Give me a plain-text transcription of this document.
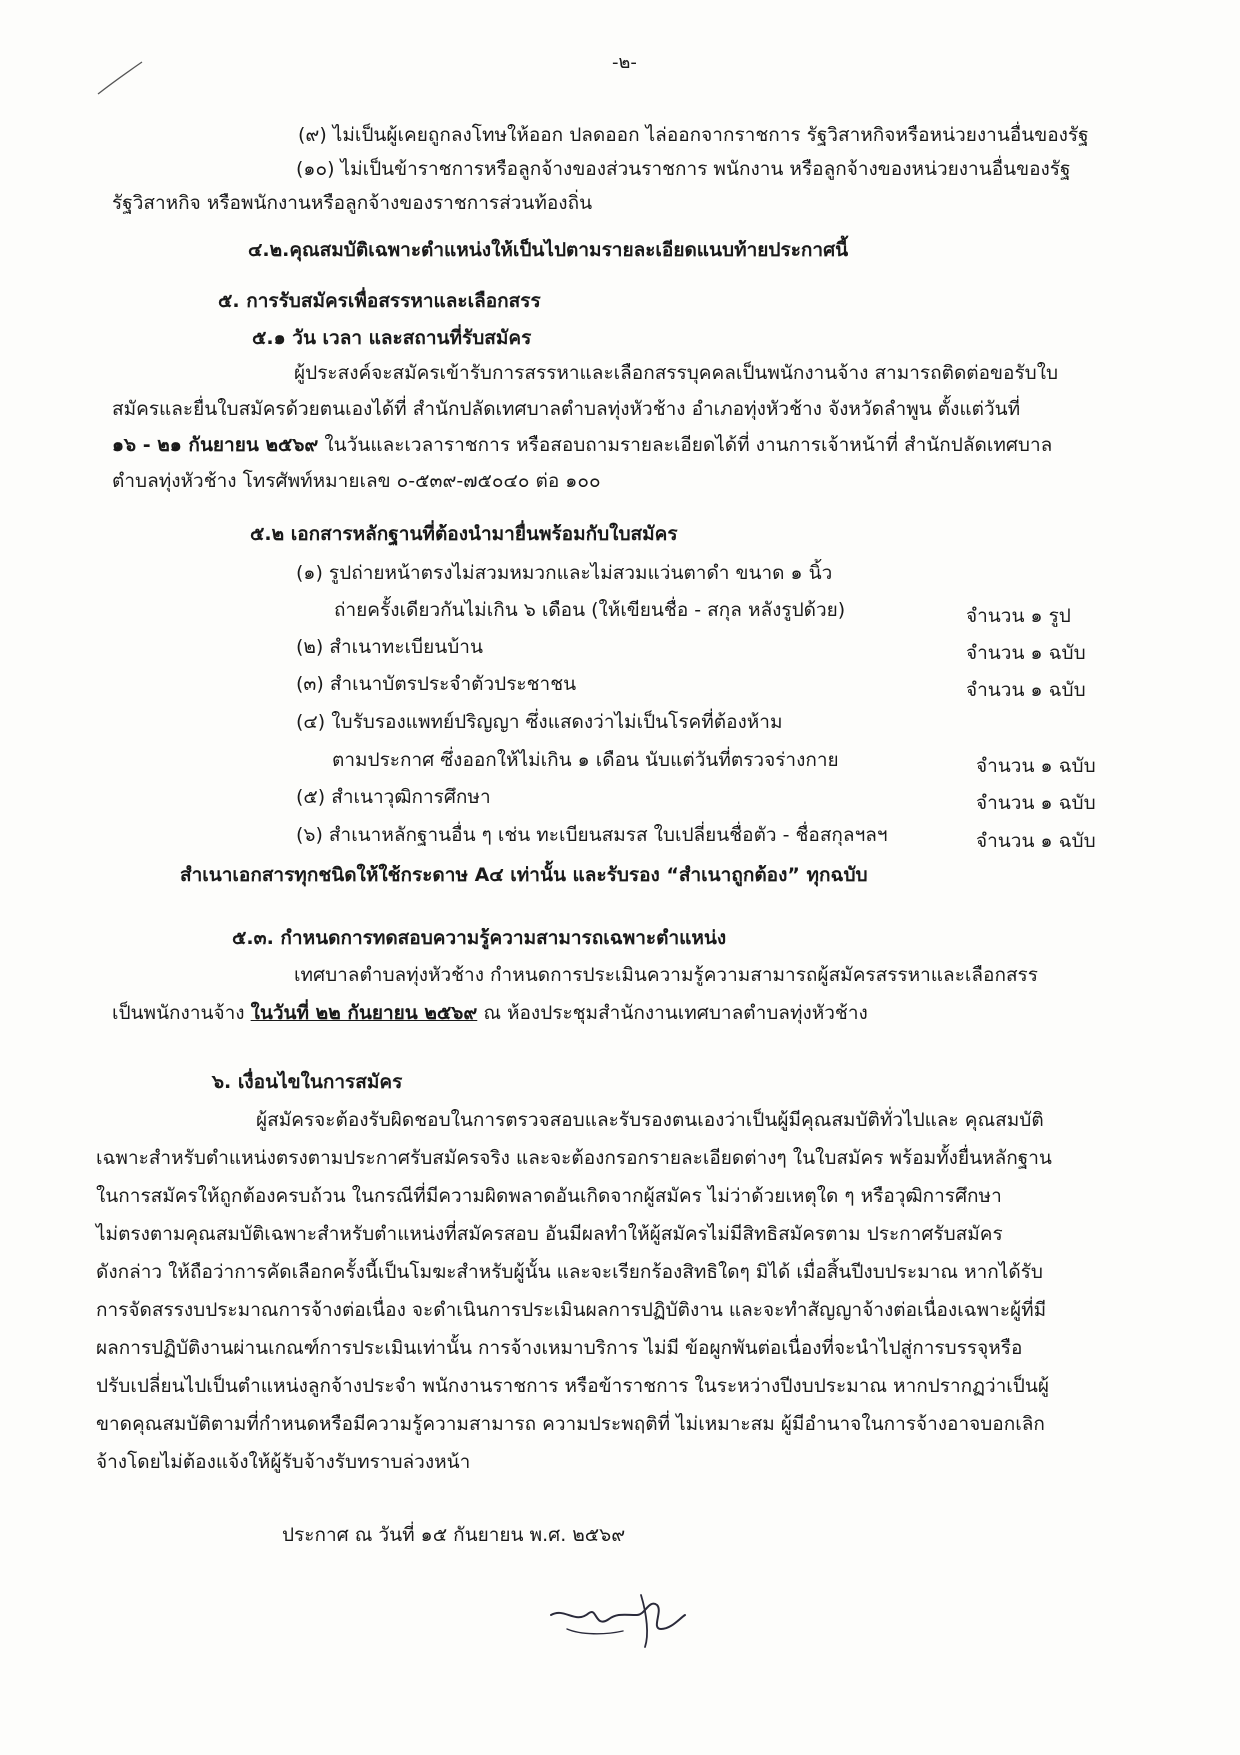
-๒-
(๙) ไม่เป็นผู้เคยถูกลงโทษให้ออก ปลดออก ไล่ออกจากราชการ รัฐวิสาหกิจหรือหน่วยงานอื่นของรัฐ
(๑๐) ไม่เป็นข้าราชการหรือลูกจ้างของส่วนราชการ พนักงาน หรือลูกจ้างของหน่วยงานอื่นของรัฐ
รัฐวิสาหกิจ หรือพนักงานหรือลูกจ้างของราชการส่วนท้องถิ่น
๔.๒.คุณสมบัติเฉพาะตำแหน่งให้เป็นไปตามรายละเอียดแนบท้ายประกาศนี้
๕. การรับสมัครเพื่อสรรหาและเลือกสรร
๕.๑ วัน เวลา และสถานที่รับสมัคร
ผู้ประสงค์จะสมัครเข้ารับการสรรหาและเลือกสรรบุคคลเป็นพนักงานจ้าง สามารถติดต่อขอรับใบ
สมัครและยื่นใบสมัครด้วยตนเองได้ที่ สำนักปลัดเทศบาลตำบลทุ่งหัวช้าง อำเภอทุ่งหัวช้าง จังหวัดลำพูน ตั้งแต่วันที่
๑๖ - ๒๑ กันยายน ๒๕๖๙ ในวันและเวลาราชการ หรือสอบถามรายละเอียดได้ที่ งานการเจ้าหน้าที่ สำนักปลัดเทศบาล
ตำบลทุ่งหัวช้าง โทรศัพท์หมายเลข ๐-๕๓๙-๗๕๐๔๐ ต่อ ๑๐๐
๕.๒ เอกสารหลักฐานที่ต้องนำมายื่นพร้อมกับใบสมัคร
(๑) รูปถ่ายหน้าตรงไม่สวมหมวกและไม่สวมแว่นตาดำ ขนาด ๑ นิ้ว
ถ่ายครั้งเดียวกันไม่เกิน ๖ เดือน (ให้เขียนชื่อ - สกุล หลังรูปด้วย)	จำนวน ๑ รูป
(๒) สำเนาทะเบียนบ้าน	จำนวน ๑ ฉบับ
(๓) สำเนาบัตรประจำตัวประชาชน	จำนวน ๑ ฉบับ
(๔) ใบรับรองแพทย์ปริญญา ซึ่งแสดงว่าไม่เป็นโรคที่ต้องห้าม
ตามประกาศ ซึ่งออกให้ไม่เกิน ๑ เดือน นับแต่วันที่ตรวจร่างกาย	จำนวน ๑ ฉบับ
(๕) สำเนาวุฒิการศึกษา	จำนวน ๑ ฉบับ
(๖) สำเนาหลักฐานอื่น ๆ เช่น ทะเบียนสมรส ใบเปลี่ยนชื่อตัว - ชื่อสกุลฯลฯ	จำนวน ๑ ฉบับ
สำเนาเอกสารทุกชนิดให้ใช้กระดาษ A๔ เท่านั้น และรับรอง “สำเนาถูกต้อง” ทุกฉบับ
๕.๓. กำหนดการทดสอบความรู้ความสามารถเฉพาะตำแหน่ง
เทศบาลตำบลทุ่งหัวช้าง กำหนดการประเมินความรู้ความสามารถผู้สมัครสรรหาและเลือกสรร
เป็นพนักงานจ้าง ในวันที่ ๒๒ กันยายน ๒๕๖๙ ณ ห้องประชุมสำนักงานเทศบาลตำบลทุ่งหัวช้าง
๖. เงื่อนไขในการสมัคร
ผู้สมัครจะต้องรับผิดชอบในการตรวจสอบและรับรองตนเองว่าเป็นผู้มีคุณสมบัติทั่วไปและ คุณสมบัติ
เฉพาะสำหรับตำแหน่งตรงตามประกาศรับสมัครจริง และจะต้องกรอกรายละเอียดต่างๆ ในใบสมัคร พร้อมทั้งยื่นหลักฐาน
ในการสมัครให้ถูกต้องครบถ้วน ในกรณีที่มีความผิดพลาดอันเกิดจากผู้สมัคร ไม่ว่าด้วยเหตุใด ๆ หรือวุฒิการศึกษา
ไม่ตรงตามคุณสมบัติเฉพาะสำหรับตำแหน่งที่สมัครสอบ อันมีผลทำให้ผู้สมัครไม่มีสิทธิสมัครตาม ประกาศรับสมัคร
ดังกล่าว ให้ถือว่าการคัดเลือกครั้งนี้เป็นโมฆะสำหรับผู้นั้น และจะเรียกร้องสิทธิใดๆ มิได้ เมื่อสิ้นปีงบประมาณ หากได้รับ
การจัดสรรงบประมาณการจ้างต่อเนื่อง จะดำเนินการประเมินผลการปฏิบัติงาน และจะทำสัญญาจ้างต่อเนื่องเฉพาะผู้ที่มี
ผลการปฏิบัติงานผ่านเกณฑ์การประเมินเท่านั้น การจ้างเหมาบริการ ไม่มี ข้อผูกพันต่อเนื่องที่จะนำไปสู่การบรรจุหรือ
ปรับเปลี่ยนไปเป็นตำแหน่งลูกจ้างประจำ พนักงานราชการ หรือข้าราชการ ในระหว่างปีงบประมาณ หากปรากฏว่าเป็นผู้
ขาดคุณสมบัติตามที่กำหนดหรือมีความรู้ความสามารถ ความประพฤติที่ ไม่เหมาะสม ผู้มีอำนาจในการจ้างอาจบอกเลิก
จ้างโดยไม่ต้องแจ้งให้ผู้รับจ้างรับทราบล่วงหน้า
ประกาศ ณ วันที่ ๑๕ กันยายน พ.ศ. ๒๕๖๙
